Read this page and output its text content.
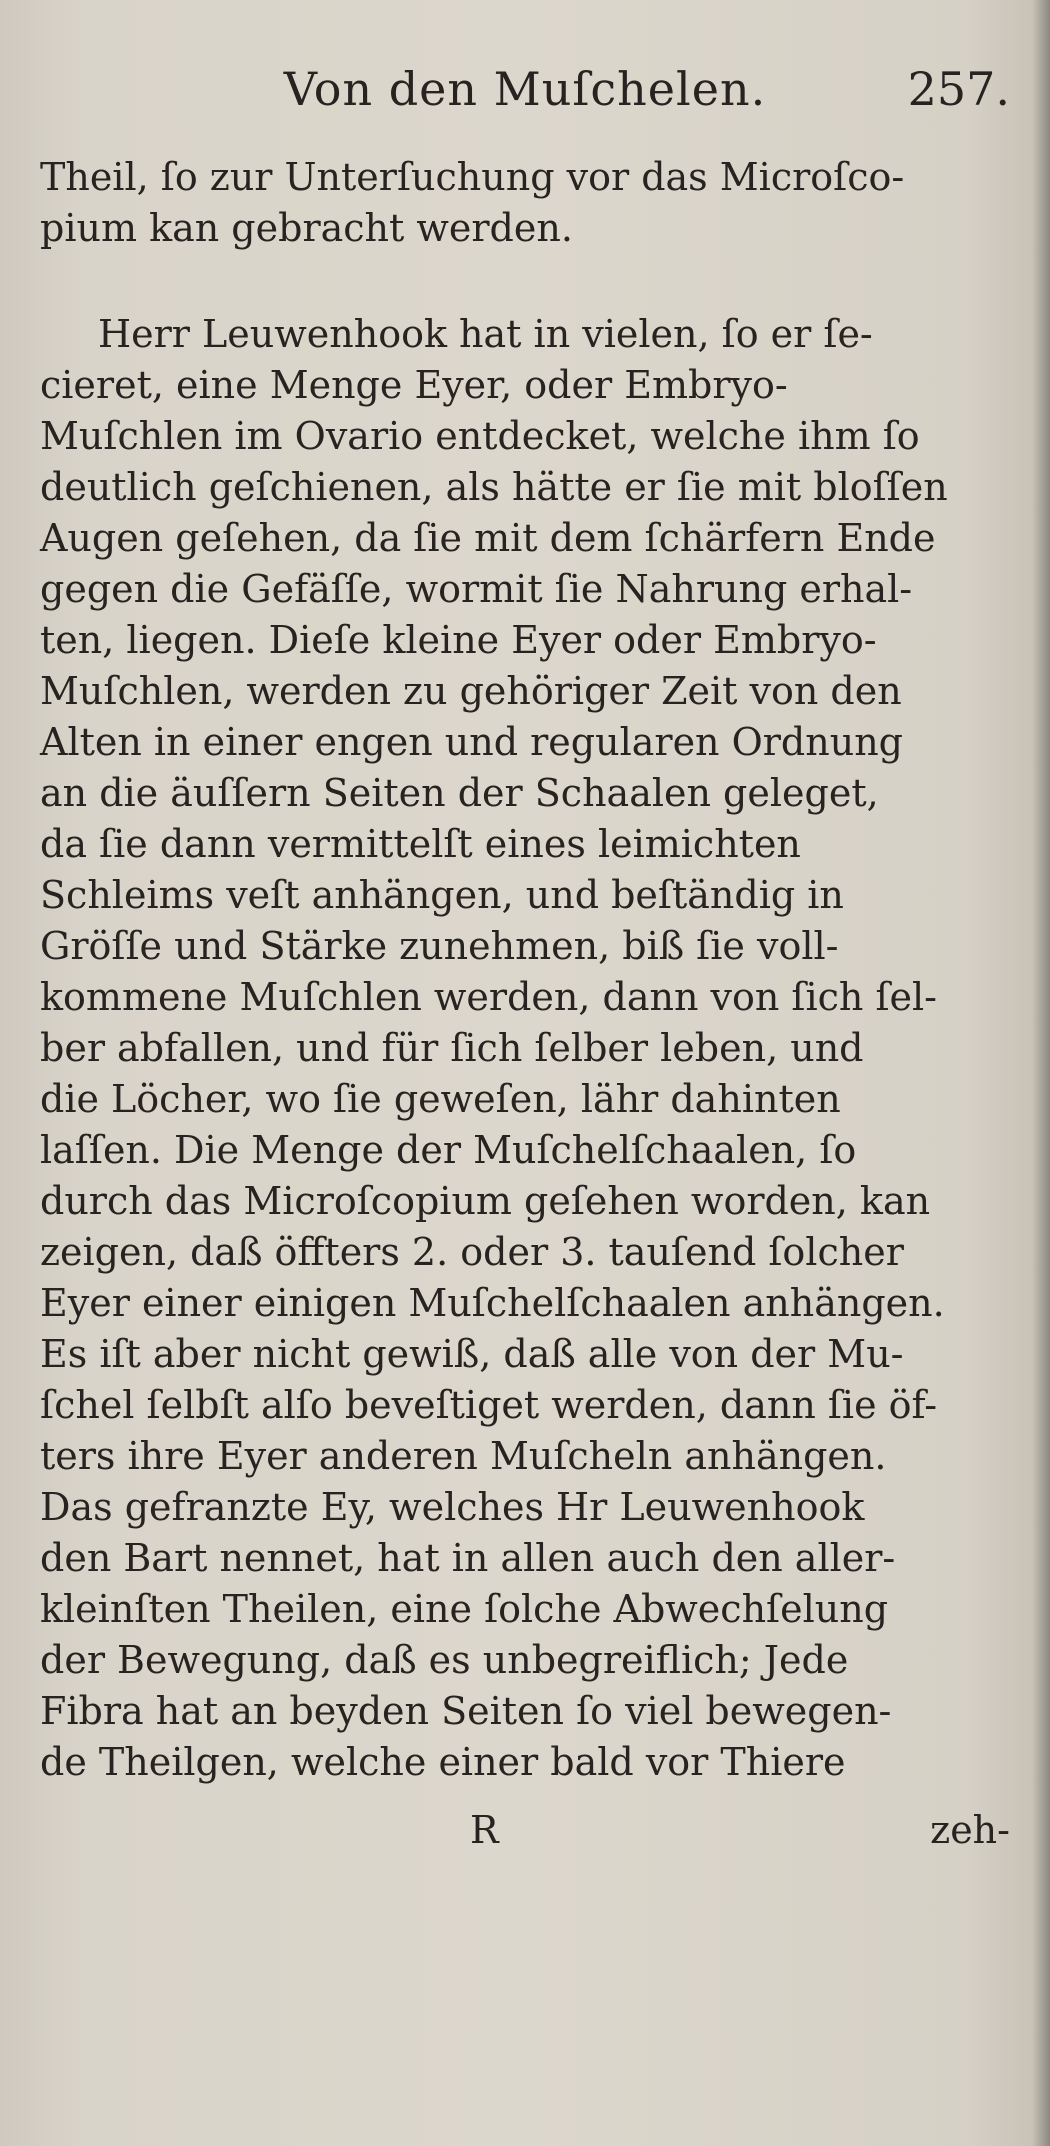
Von den Muſchelen.	257.
Theil, ſo zur Unterſuchung vor das Microſco-
pium kan gebracht werden.
Herr Leuwenhook hat in vielen, ſo er ſe-
cieret, eine Menge Eyer, oder Embryo-
Muſchlen im Ovario entdecket, welche ihm ſo
deutlich geſchienen, als hätte er ſie mit bloſſen
Augen geſehen, da ſie mit dem ſchärfern Ende
gegen die Gefäſſe, wormit ſie Nahrung erhal-
ten, liegen. Dieſe kleine Eyer oder Embryo-
Muſchlen, werden zu gehöriger Zeit von den
Alten in einer engen und regularen Ordnung
an die äuſſern Seiten der Schaalen geleget,
da ſie dann vermittelſt eines leimichten
Schleims veſt anhängen, und beſtändig in
Gröſſe und Stärke zunehmen, biß ſie voll-
kommene Muſchlen werden, dann von ſich ſel-
ber abfallen, und für ſich ſelber leben, und
die Löcher, wo ſie geweſen, lähr dahinten
laſſen. Die Menge der Muſchelſchaalen, ſo
durch das Microſcopium geſehen worden, kan
zeigen, daß öffters 2. oder 3. tauſend ſolcher
Eyer einer einigen Muſchelſchaalen anhängen.
Es iſt aber nicht gewiß, daß alle von der Mu-
ſchel ſelbſt alſo beveſtiget werden, dann ſie öf-
ters ihre Eyer anderen Muſcheln anhängen.
Das gefranzte Ey, welches Hr Leuwenhook
den Bart nennet, hat in allen auch den aller-
kleinſten Theilen, eine ſolche Abwechſelung
der Bewegung, daß es unbegreiflich; Jede
Fibra hat an beyden Seiten ſo viel bewegen-
de Theilgen, welche einer bald vor Thiere
R	zeh-
